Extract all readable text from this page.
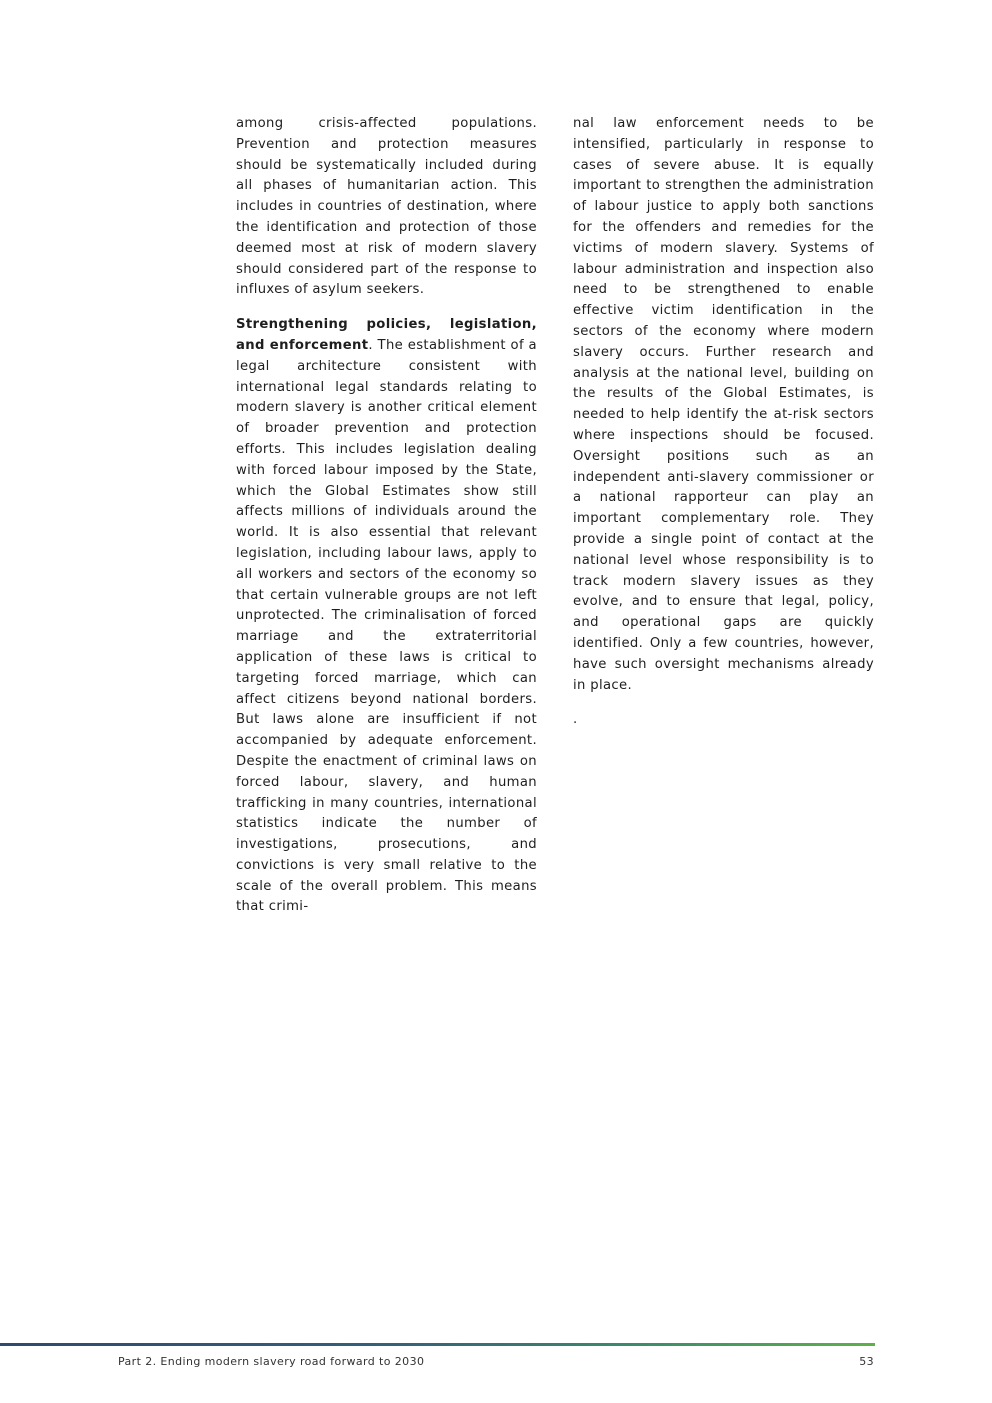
among crisis-affected populations. Prevention and protection measures should be systematically included during all phases of humanitarian action. This includes in countries of destination, where the identification and protection of those deemed most at risk of modern slavery should considered part of the response to influxes of asylum seekers.

Strengthening policies, legislation, and enforcement. The establishment of a legal architecture consistent with international legal standards relating to modern slavery is another critical element of broader prevention and protection efforts. This includes legislation dealing with forced labour imposed by the State, which the Global Estimates show still affects millions of individuals around the world. It is also essential that relevant legislation, including labour laws, apply to all workers and sectors of the economy so that certain vulnerable groups are not left unprotected. The criminalisation of forced marriage and the extraterritorial application of these laws is critical to targeting forced marriage, which can affect citizens beyond national borders. But laws alone are insufficient if not accompanied by adequate enforcement. Despite the enactment of criminal laws on forced labour, slavery, and human trafficking in many countries, international statistics indicate the number of investigations, prosecutions, and convictions is very small relative to the scale of the overall problem. This means that crimi-

nal law enforcement needs to be intensified, particularly in response to cases of severe abuse. It is equally important to strengthen the administration of labour justice to apply both sanctions for the offenders and remedies for the victims of modern slavery. Systems of labour administration and inspection also need to be strengthened to enable effective victim identification in the sectors of the economy where modern slavery occurs. Further research and analysis at the national level, building on the results of the Global Estimates, is needed to help identify the at-risk sectors where inspections should be focused. Oversight positions such as an independent anti-slavery commissioner or a national rapporteur can play an important complementary role. They provide a single point of contact at the national level whose responsibility is to track modern slavery issues as they evolve, and to ensure that legal, policy, and operational gaps are quickly identified. Only a few countries, however, have such oversight mechanisms already in place.

.

Part 2. Ending modern slavery road forward to 2030	53
